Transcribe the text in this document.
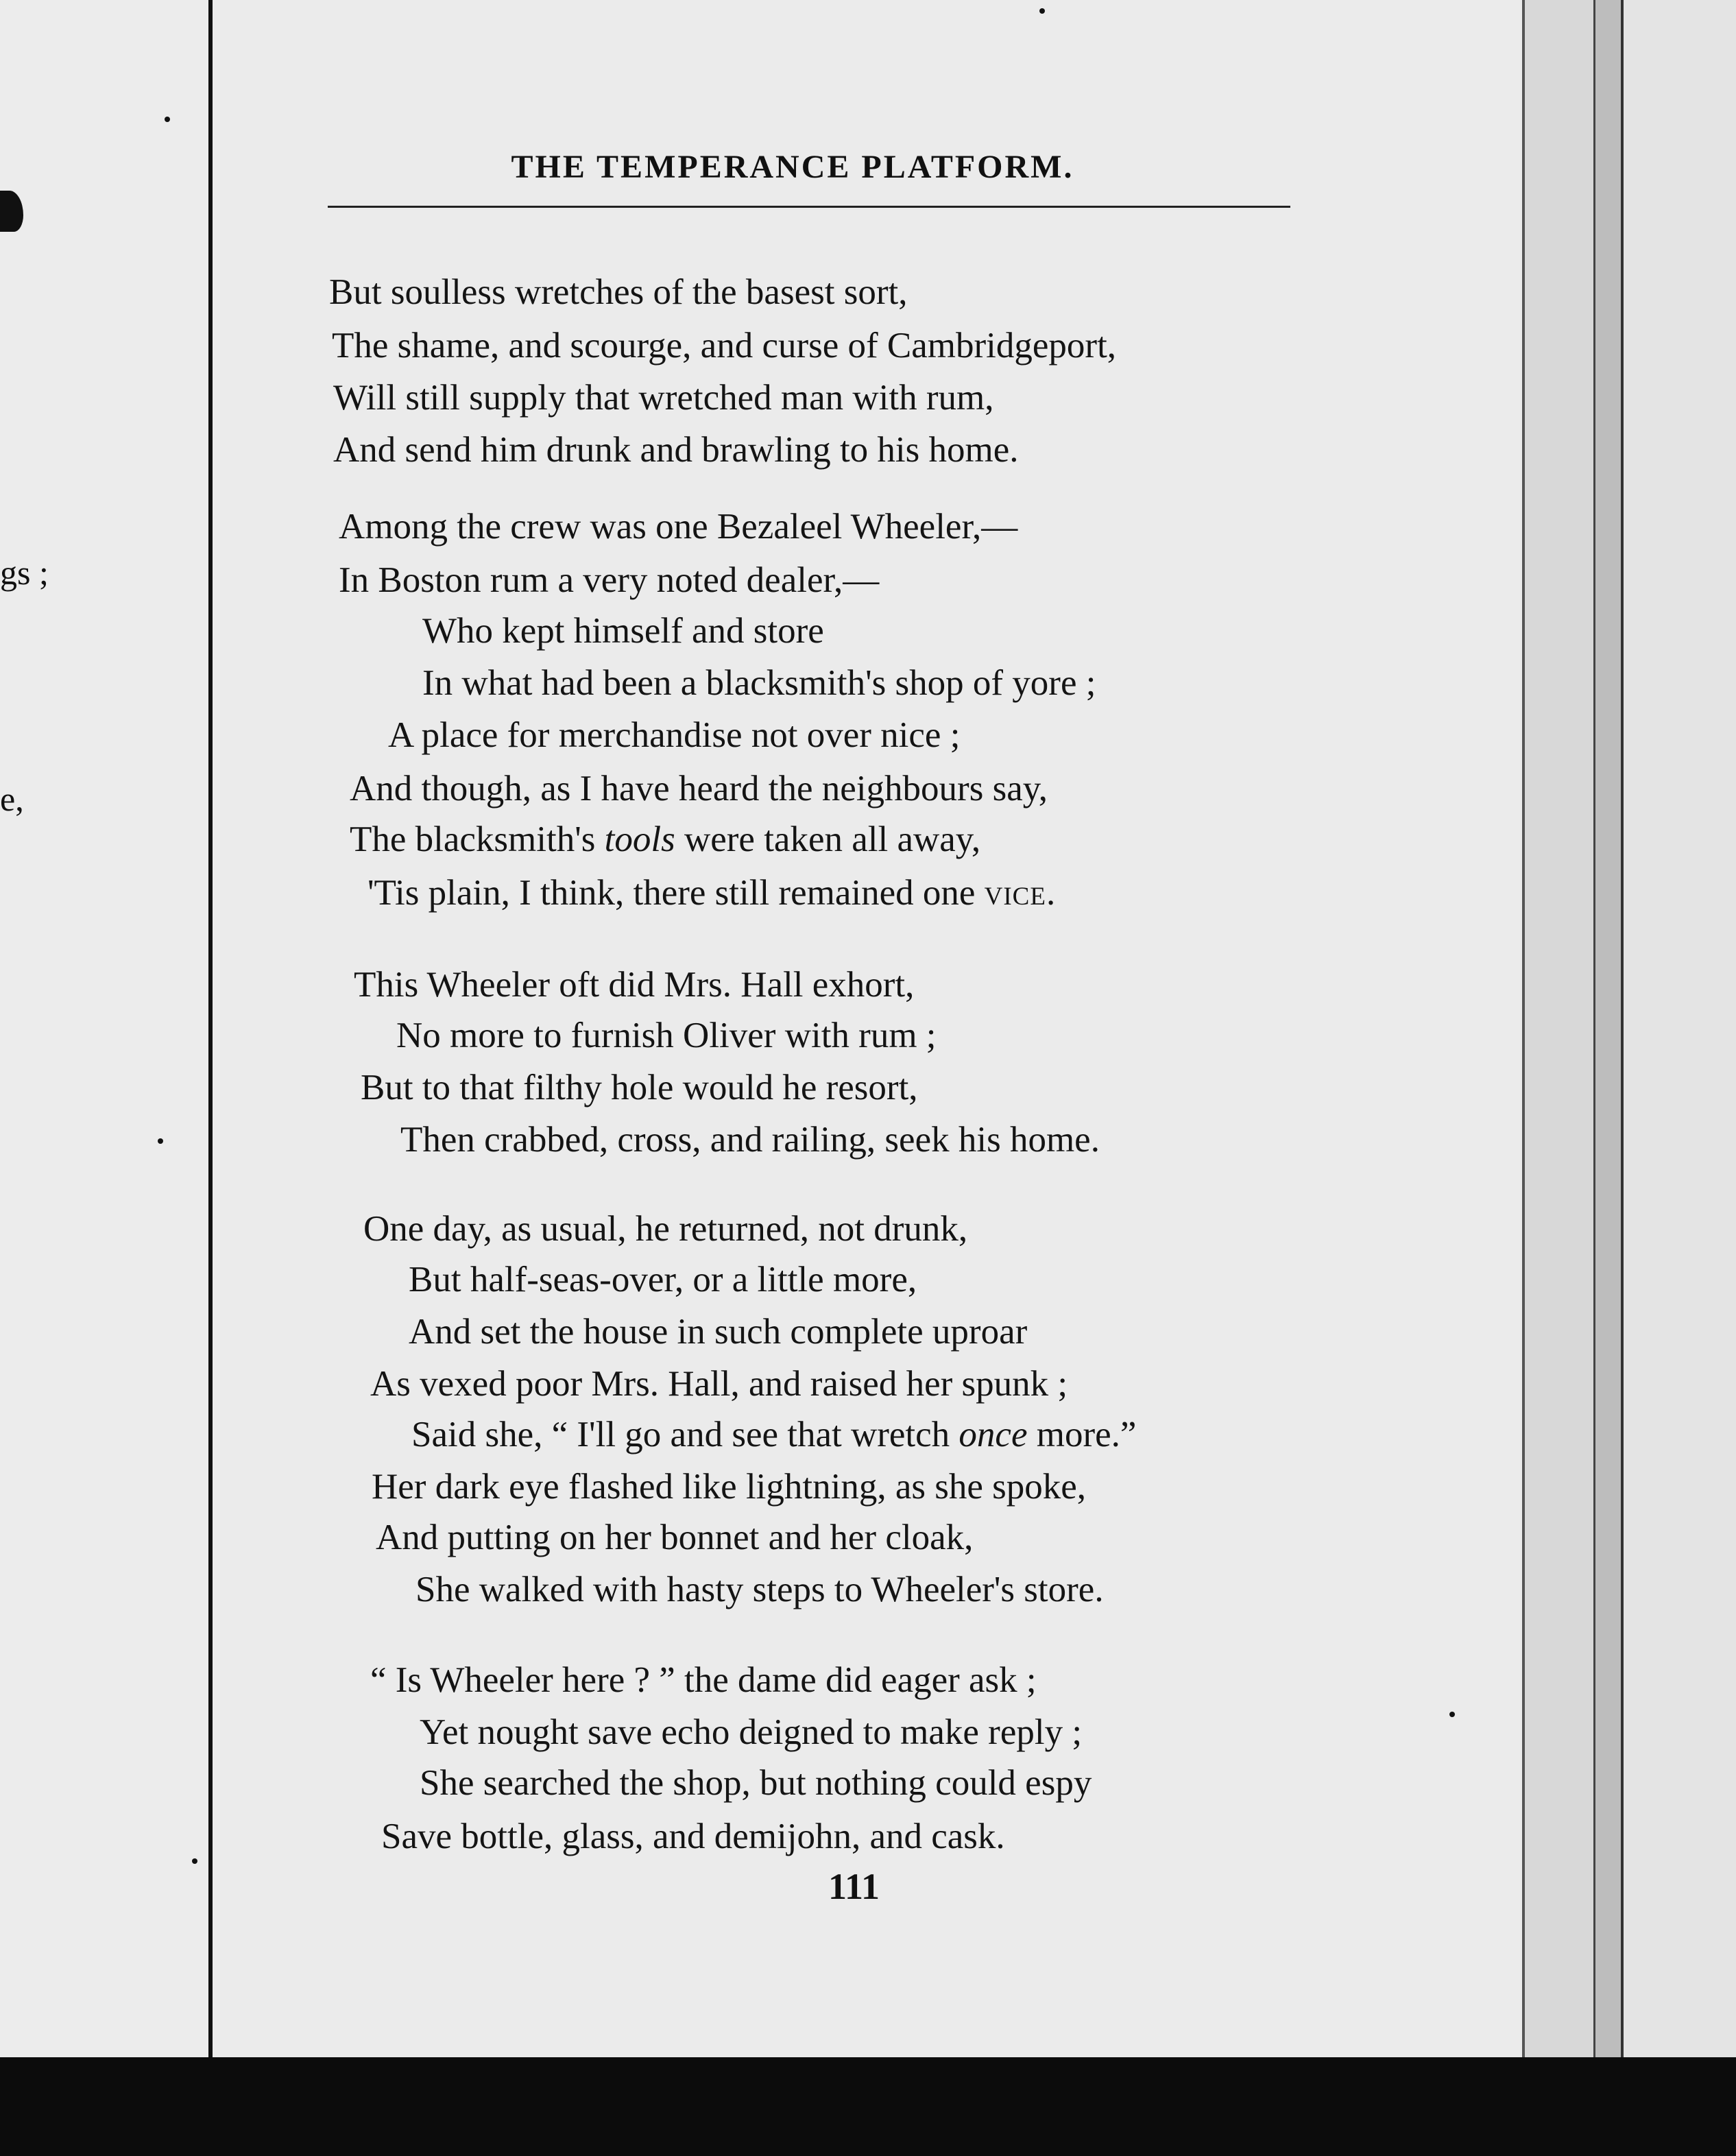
gs ;
e,
THE TEMPERANCE PLATFORM.
But soulless wretches of the basest sort,
The shame, and scourge, and curse of Cambridgeport,
Will still supply that wretched man with rum,
And send him drunk and brawling to his home.
Among the crew was one Bezaleel Wheeler,—
In Boston rum a very noted dealer,—
Who kept himself and store
In what had been a blacksmith's shop of yore ;
A place for merchandise not over nice ;
And though, as I have heard the neighbours say,
The blacksmith's tools were taken all away,
'Tis plain, I think, there still remained one vice.
This Wheeler oft did Mrs. Hall exhort,
No more to furnish Oliver with rum ;
But to that filthy hole would he resort,
Then crabbed, cross, and railing, seek his home.
One day, as usual, he returned, not drunk,
But half-seas-over, or a little more,
And set the house in such complete uproar
As vexed poor Mrs. Hall, and raised her spunk ;
Said she, “ I'll go and see that wretch once more.”
Her dark eye flashed like lightning, as she spoke,
And putting on her bonnet and her cloak,
She walked with hasty steps to Wheeler's store.
“ Is Wheeler here ? ” the dame did eager ask ;
Yet nought save echo deigned to make reply ;
She searched the shop, but nothing could espy
Save bottle, glass, and demijohn, and cask.
111
